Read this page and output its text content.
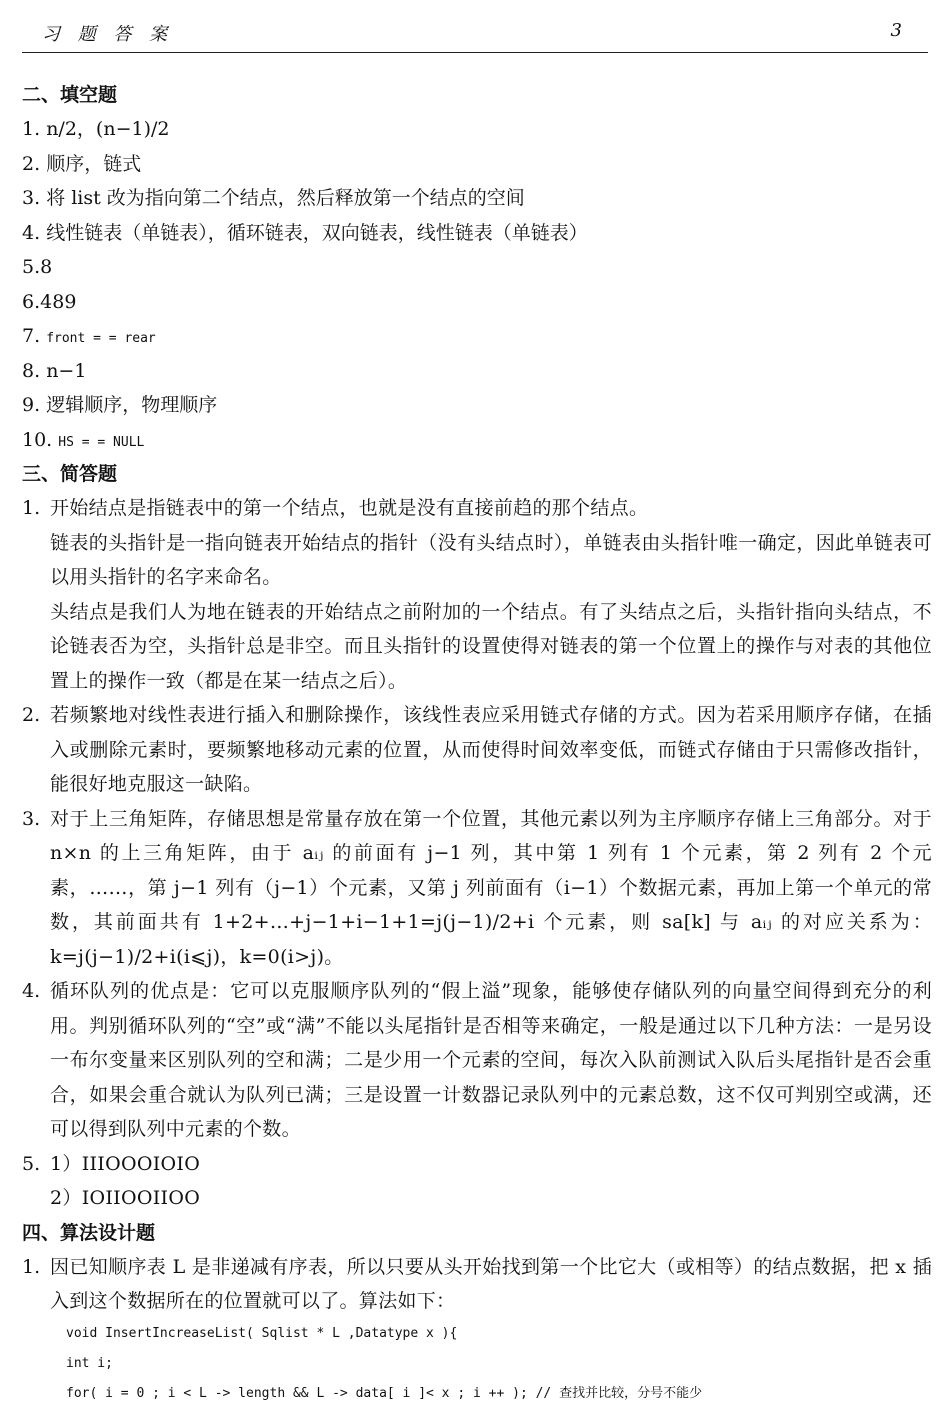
习 题 答 案	3
二、填空题
1. n/2，(n−1)/2
2. 顺序，链式
3. 将 list 改为指向第二个结点，然后释放第一个结点的空间
4. 线性链表（单链表），循环链表，双向链表，线性链表（单链表）
5.8
6.489
7. front = = rear
8. n−1
9. 逻辑顺序，物理顺序
10. HS = = NULL
三、简答题
1. 开始结点是指链表中的第一个结点，也就是没有直接前趋的那个结点。

链表的头指针是一指向链表开始结点的指针（没有头结点时），单链表由头指针唯一确定，因此单链表可以用头指针的名字来命名。

头结点是我们人为地在链表的开始结点之前附加的一个结点。有了头结点之后，头指针指向头结点，不论链表否为空，头指针总是非空。而且头指针的设置使得对链表的第一个位置上的操作与对表的其他位置上的操作一致（都是在某一结点之后）。

2. 若频繁地对线性表进行插入和删除操作，该线性表应采用链式存储的方式。因为若采用顺序存储，在插入或删除元素时，要频繁地移动元素的位置，从而使得时间效率变低，而链式存储由于只需修改指针，能很好地克服这一缺陷。

3. 对于上三角矩阵，存储思想是常量存放在第一个位置，其他元素以列为主序顺序存储上三角部分。对于 n×n 的上三角矩阵，由于 aᵢⱼ 的前面有 j−1 列，其中第 1 列有 1 个元素，第 2 列有 2 个元素，……，第 j−1 列有（j−1）个元素，又第 j 列前面有（i−1）个数据元素，再加上第一个单元的常数，其前面共有 1+2+…+j−1+i−1+1=j(j−1)/2+i 个元素，则 sa[k] 与 aᵢⱼ 的对应关系为：k=j(j−1)/2+i(i⩽j)，k=0(i>j)。

4. 循环队列的优点是：它可以克服顺序队列的“假上溢”现象，能够使存储队列的向量空间得到充分的利用。判别循环队列的“空”或“满”不能以头尾指针是否相等来确定，一般是通过以下几种方法：一是另设一布尔变量来区别队列的空和满；二是少用一个元素的空间，每次入队前测试入队后头尾指针是否会重合，如果会重合就认为队列已满；三是设置一计数器记录队列中的元素总数，这不仅可判别空或满，还可以得到队列中元素的个数。

5. 1）IIIOOOIOIO

2）IOIIOOIIOO

四、算法设计题
1. 因已知顺序表 L 是非递减有序表，所以只要从头开始找到第一个比它大（或相等）的结点数据，把 x 插入到这个数据所在的位置就可以了。算法如下：

void InsertIncreaseList( Sqlist * L ,Datatype x ){
int i;
for( i = 0 ; i < L -> length && L -> data[ i ]< x ; i ++ ); // 查找并比较，分号不能少
